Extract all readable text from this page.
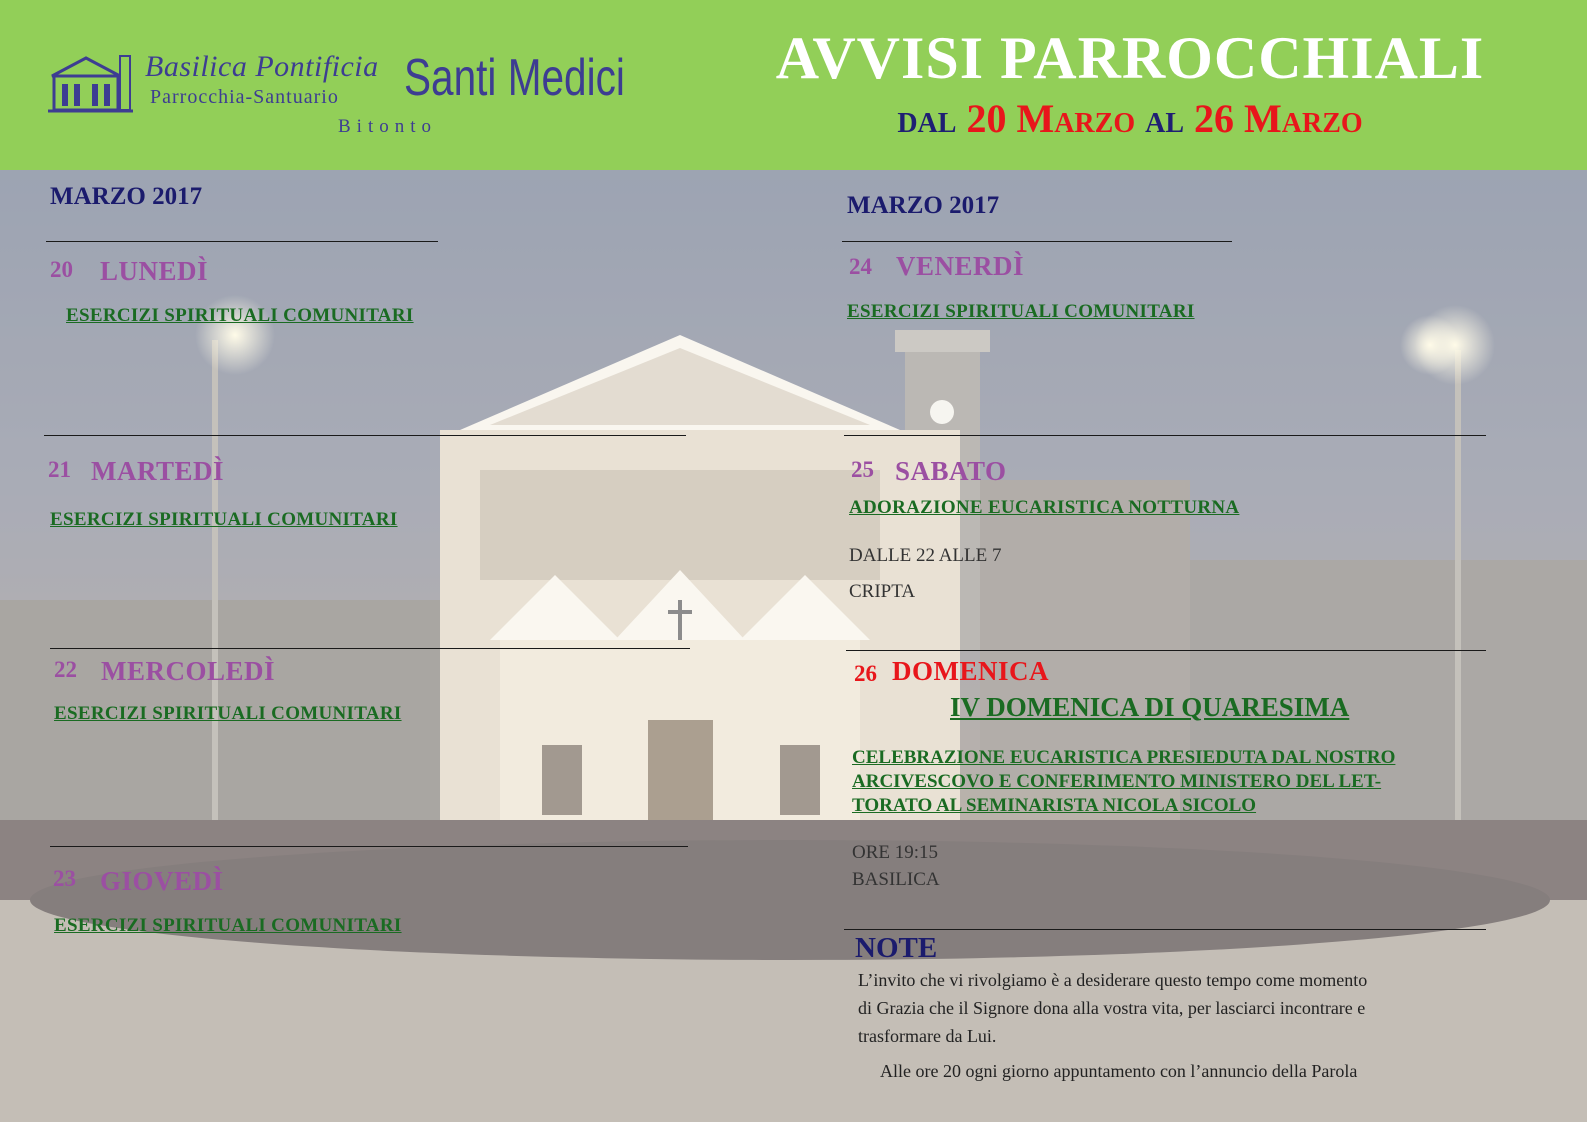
Basilica Pontificia
Parrocchia-Santuario
Bitonto
Santi Medici	AVVISI PARROCCHIALI
dal 20 Marzo al 26 Marzo
MARZO 2017
20 LUNEDÌ
ESERCIZI SPIRITUALI COMUNITARI
21 MARTEDÌ
ESERCIZI SPIRITUALI COMUNITARI
22 MERCOLEDÌ
ESERCIZI SPIRITUALI COMUNITARI
23 GIOVEDÌ
ESERCIZI SPIRITUALI COMUNITARI
MARZO 2017
24 VENERDÌ
ESERCIZI SPIRITUALI COMUNITARI
25 SABATO
ADORAZIONE EUCARISTICA NOTTURNA
DALLE 22 ALLE 7
CRIPTA
26 DOMENICA
IV DOMENICA DI QUARESIMA
CELEBRAZIONE EUCARISTICA PRESIEDUTA DAL NOSTRO
ARCIVESCOVO E CONFERIMENTO MINISTERO DEL LET-
TORATO AL SEMINARISTA NICOLA SICOLO
ORE 19:15
BASILICA
NOTE
L’invito che vi rivolgiamo è a desiderare questo tempo come momento
di Grazia che il Signore dona alla vostra vita, per lasciarci incontrare e
trasformare da Lui.
Alle ore 20 ogni giorno appuntamento con l’annuncio della Parola
